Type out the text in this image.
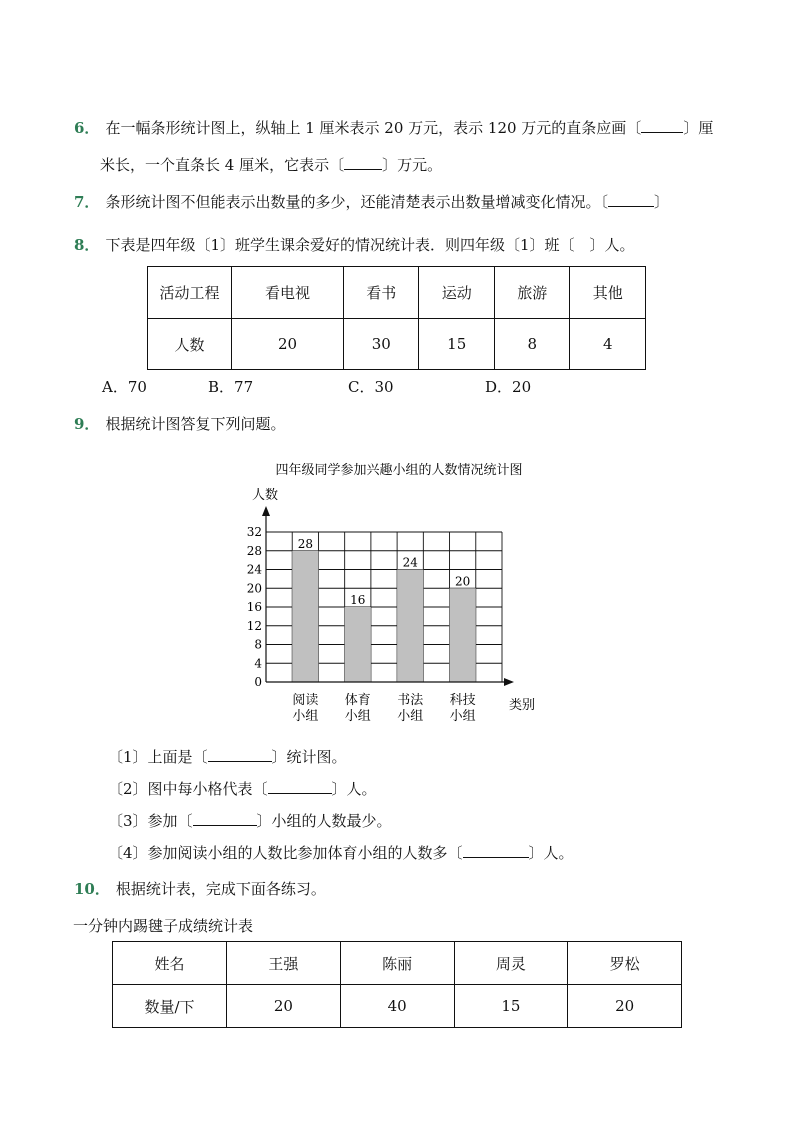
6． 在一幅条形统计图上，纵轴上 1 厘米表示 20 万元，表示 120 万元的直条应画〔	〕厘
米长，一个直条长 4 厘米，它表示〔	〕万元。
7． 条形统计图不但能表示出数量的多少，还能清楚表示出数量增减变化情况。〔	〕
8． 下表是四年级〔1〕班学生课余爱好的情况统计表．则四年级〔1〕班〔　〕人。
活动工程	看电视	看书	运动	旅游	其他
人数	20	30	15	8	4
A．70	B．77	C．30	D．20
9． 根据统计图答复下列问题。
四年级同学参加兴趣小组的人数情况统计图
人数
类别
28
阅读
小组
16
体育
小组
24
书法
小组
20
科技
小组
0
4
8
12
16
20
24
28
32
〔1〕上面是〔	〕统计图。
〔2〕图中每小格代表〔	〕人。
〔3〕参加〔	〕小组的人数最少。
〔4〕参加阅读小组的人数比参加体育小组的人数多〔	〕人。
10． 根据统计表，完成下面各练习。
一分钟内踢毽子成绩统计表
姓名	王强	陈丽	周灵	罗松
数量/下	20	40	15	20
